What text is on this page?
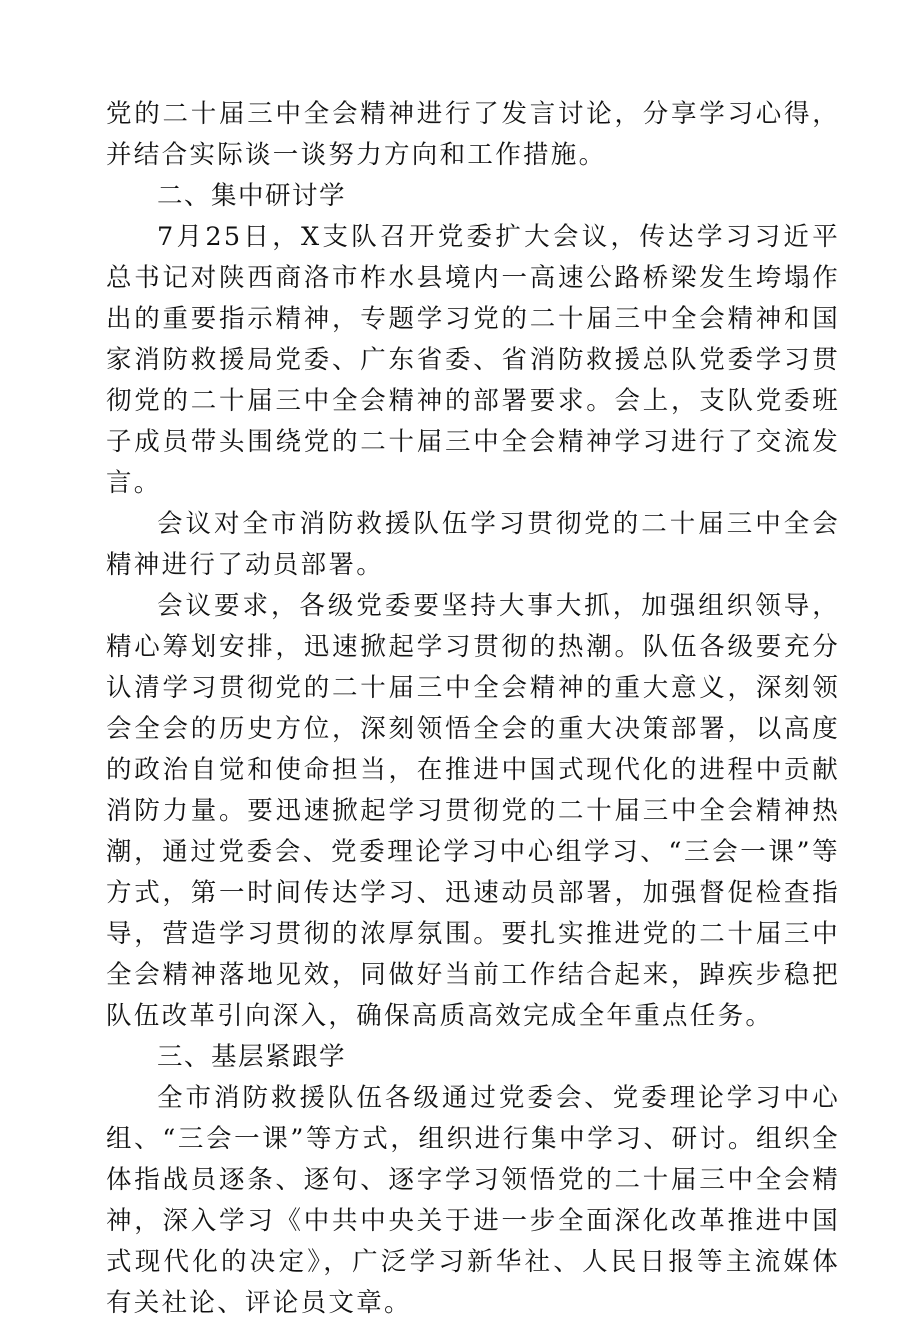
党的二十届三中全会精神进行了发言讨论，分享学习心得，并结合实际谈一谈努力方向和工作措施。

二、集中研讨学

7月25日，X支队召开党委扩大会议，传达学习习近平总书记对陕西商洛市柞水县境内一高速公路桥梁发生垮塌作出的重要指示精神，专题学习党的二十届三中全会精神和国家消防救援局党委、广东省委、省消防救援总队党委学习贯彻党的二十届三中全会精神的部署要求。会上，支队党委班子成员带头围绕党的二十届三中全会精神学习进行了交流发言。

会议对全市消防救援队伍学习贯彻党的二十届三中全会精神进行了动员部署。

会议要求，各级党委要坚持大事大抓，加强组织领导，精心筹划安排，迅速掀起学习贯彻的热潮。队伍各级要充分认清学习贯彻党的二十届三中全会精神的重大意义，深刻领会全会的历史方位，深刻领悟全会的重大决策部署，以高度的政治自觉和使命担当，在推进中国式现代化的进程中贡献消防力量。要迅速掀起学习贯彻党的二十届三中全会精神热潮，通过党委会、党委理论学习中心组学习、“三会一课”等方式，第一时间传达学习、迅速动员部署，加强督促检查指导，营造学习贯彻的浓厚氛围。要扎实推进党的二十届三中全会精神落地见效，同做好当前工作结合起来，踔疾步稳把队伍改革引向深入，确保高质高效完成全年重点任务。

三、基层紧跟学

全市消防救援队伍各级通过党委会、党委理论学习中心组、“三会一课”等方式，组织进行集中学习、研讨。组织全体指战员逐条、逐句、逐字学习领悟党的二十届三中全会精神，深入学习《中共中央关于进一步全面深化改革推进中国式现代化的决定》，广泛学习新华社、人民日报等主流媒体有关社论、评论员文章。
